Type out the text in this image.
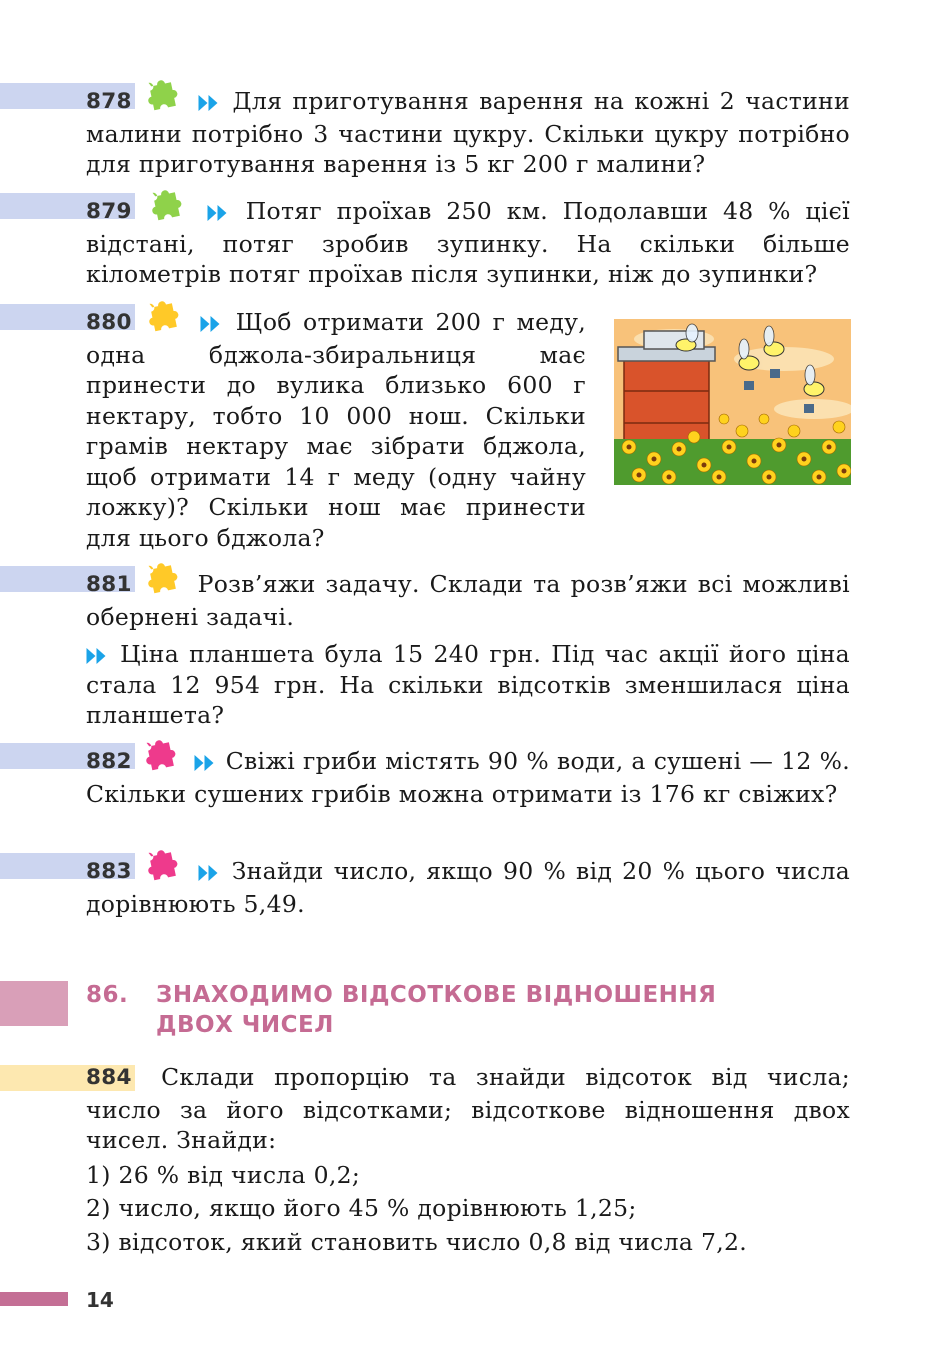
878	Для приготування варення на кожні 2 частини малини потрібно 3 частини цукру. Скільки цукру потрібно для приготування варення із 5 кг 200 г малини?

879	Потяг проїхав 250 км. Подолавши 48 % цієї відстані, потяг зробив зупинку. На скільки більше кілометрів потяг проїхав після зупинки, ніж до зупинки?

880	Щоб отримати 200 г меду, одна бджола-збиральниця має принести до вулика близько 600 г нектару, тобто 10 000 нош. Скільки грамів нектару має зібрати бджола, щоб отримати 14 г меду (одну чайну ложку)? Скільки нош має принести для цього бджола?

881	Розв’яжи задачу. Склади та розв’яжи всі можливі обернені задачі.

Ціна планшета була 15 240 грн. Під час акції його ціна стала 12 954 грн. На скільки відсотків зменшилася ціна планшета?

882	Свіжі гриби містять 90 % води, а сушені — 12 %. Скільки сушених грибів можна отримати із 176 кг свіжих?

883	Знайди число, якщо 90 % від 20 % цього числа дорівнюють 5,49.

86. ЗНАХОДИМО ВІДСОТКОВЕ ВІДНОШЕННЯ
ДВОХ ЧИСЕЛ

884 Склади пропорцію та знайди відсоток від числа; число за його відсотками; відсоткове відношення двох чисел. Знайди:

1) 26 % від числа 0,2;

2) число, якщо його 45 % дорівнюють 1,25;

3) відсоток, який становить число 0,8 від числа 7,2.

14
